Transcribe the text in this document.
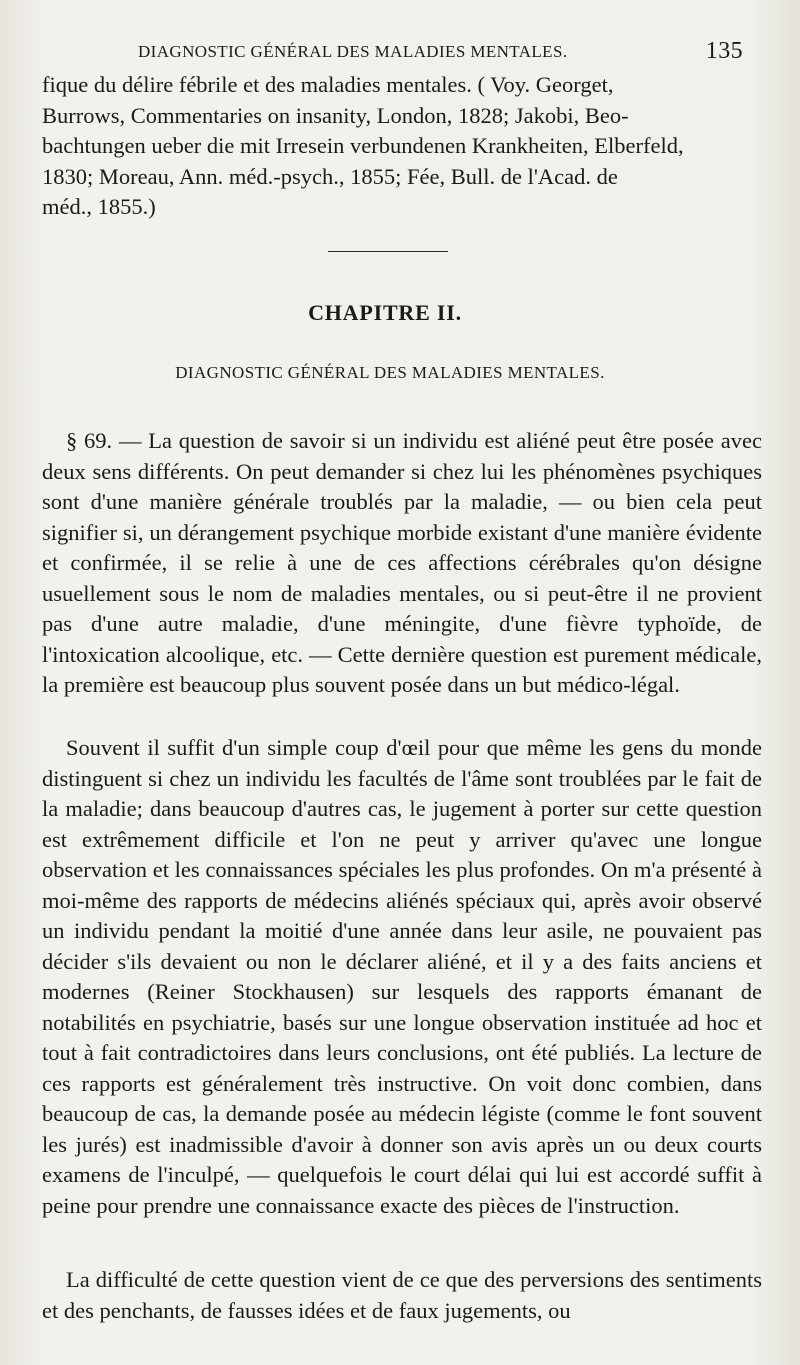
DIAGNOSTIC GÉNÉRAL DES MALADIES MENTALES.	135

fique du délire fébrile et des maladies mentales. ( Voy. Georget,

Burrows, Commentaries on insanity, London, 1828; Jakobi, Beo-

bachtungen ueber die mit Irresein verbundenen Krankheiten, Elberfeld,

1830; Moreau, Ann. méd.-psych., 1855; Fée, Bull. de l'Acad. de

méd., 1855.)

CHAPITRE II.
DIAGNOSTIC GÉNÉRAL DES MALADIES MENTALES.

§ 69. — La question de savoir si un individu est aliéné peut être posée avec deux sens différents. On peut demander si chez lui les phénomènes psychiques sont d'une manière générale troublés par la maladie, — ou bien cela peut signifier si, un dérangement psychique morbide existant d'une manière évidente et confirmée, il se relie à une de ces affections cérébrales qu'on désigne usuellement sous le nom de maladies mentales, ou si peut-être il ne provient pas d'une autre maladie, d'une méningite, d'une fièvre typhoïde, de l'intoxication alcoolique, etc. — Cette dernière question est purement médicale, la première est beaucoup plus souvent posée dans un but médico-légal.

Souvent il suffit d'un simple coup d'œil pour que même les gens du monde distinguent si chez un individu les facultés de l'âme sont troublées par le fait de la maladie; dans beaucoup d'autres cas, le jugement à porter sur cette question est extrêmement difficile et l'on ne peut y arriver qu'avec une longue observation et les connaissances spéciales les plus profondes. On m'a présenté à moi-même des rapports de médecins aliénés spéciaux qui, après avoir observé un individu pendant la moitié d'une année dans leur asile, ne pouvaient pas décider s'ils devaient ou non le déclarer aliéné, et il y a des faits anciens et modernes (Reiner Stockhausen) sur lesquels des rapports émanant de notabilités en psychiatrie, basés sur une longue observation instituée ad hoc et tout à fait contradictoires dans leurs conclusions, ont été publiés. La lecture de ces rapports est généralement très instructive. On voit donc combien, dans beaucoup de cas, la demande posée au médecin légiste (comme le font souvent les jurés) est inadmissible d'avoir à donner son avis après un ou deux courts examens de l'inculpé, — quelquefois le court délai qui lui est accordé suffit à peine pour prendre une connaissance exacte des pièces de l'instruction.

La difficulté de cette question vient de ce que des perversions des sentiments et des penchants, de fausses idées et de faux jugements, ou
